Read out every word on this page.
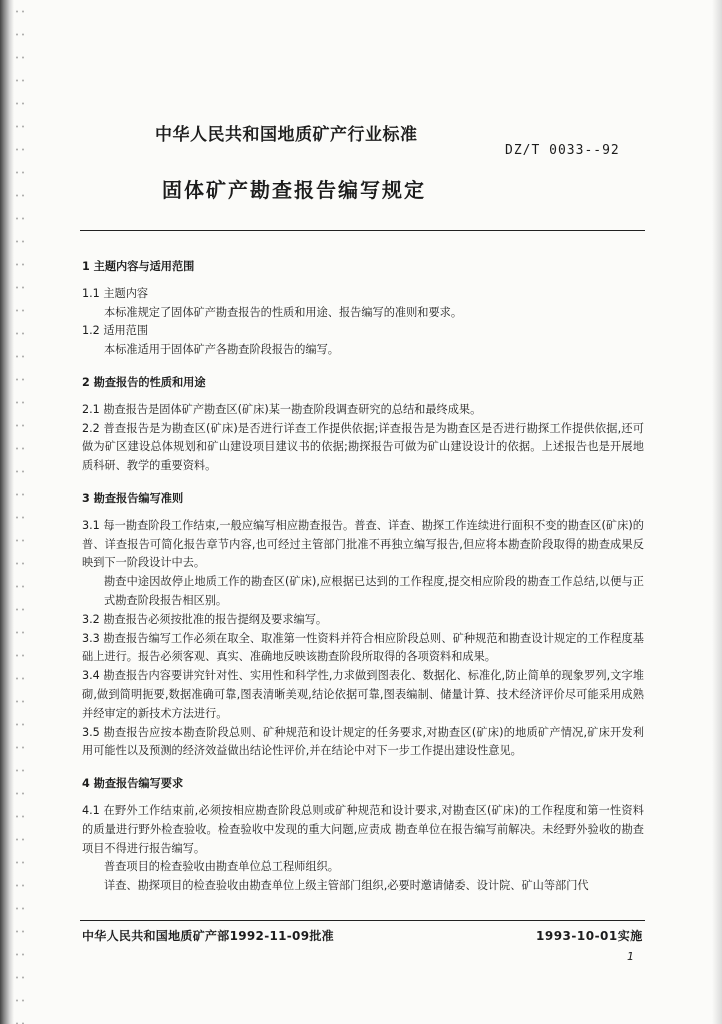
中华人民共和国地质矿产行业标准
DZ/T 0033--92
固体矿产勘查报告编写规定
1 主题内容与适用范围
1.1 主题内容
本标准规定了固体矿产勘查报告的性质和用途、报告编写的准则和要求。
1.2 适用范围
本标准适用于固体矿产各勘查阶段报告的编写。
2 勘查报告的性质和用途
2.1 勘查报告是固体矿产勘查区(矿床)某一勘查阶段调查研究的总结和最终成果。
2.2 普查报告是为勘查区(矿床)是否进行详查工作提供依据;详查报告是为勘查区是否进行勘探工作提供依据,还可做为矿区建设总体规划和矿山建设项目建议书的依据;勘探报告可做为矿山建设设计的依据。上述报告也是开展地质科研、教学的重要资料。
3 勘查报告编写准则
3.1 每一勘查阶段工作结束,一般应编写相应勘查报告。普查、详查、勘探工作连续进行面积不变的勘查区(矿床)的普、详查报告可简化报告章节内容,也可经过主管部门批准不再独立编写报告,但应将本勘查阶段取得的勘查成果反映到下一阶段设计中去。
勘查中途因故停止地质工作的勘查区(矿床),应根据已达到的工作程度,提交相应阶段的勘查工作总结,以便与正式勘查阶段报告相区别。
3.2 勘查报告必须按批准的报告提纲及要求编写。
3.3 勘查报告编写工作必须在取全、取准第一性资料并符合相应阶段总则、矿种规范和勘查设计规定的工作程度基础上进行。报告必须客观、真实、准确地反映该勘查阶段所取得的各项资料和成果。
3.4 勘查报告内容要讲究针对性、实用性和科学性,力求做到图表化、数据化、标准化,防止简单的现象罗列,文字堆砌,做到简明扼要,数据准确可靠,图表清晰美观,结论依据可靠,图表编制、储量计算、技术经济评价尽可能采用成熟并经审定的新技术方法进行。
3.5 勘查报告应按本勘查阶段总则、矿种规范和设计规定的任务要求,对勘查区(矿床)的地质矿产情况,矿床开发利用可能性以及预测的经济效益做出结论性评价,并在结论中对下一步工作提出建设性意见。
4 勘查报告编写要求
4.1 在野外工作结束前,必须按相应勘查阶段总则或矿种规范和设计要求,对勘查区(矿床)的工作程度和第一性资料的质量进行野外检查验收。检查验收中发现的重大问题,应责成 勘查单位在报告编写前解决。未经野外验收的勘查项目不得进行报告编写。
普查项目的检查验收由勘查单位总工程师组织。
详查、勘探项目的检查验收由勘查单位上级主管部门组织,必要时邀请储委、设计院、矿山等部门代
中华人民共和国地质矿产部1992-11-09批准	1993-10-01实施
1
